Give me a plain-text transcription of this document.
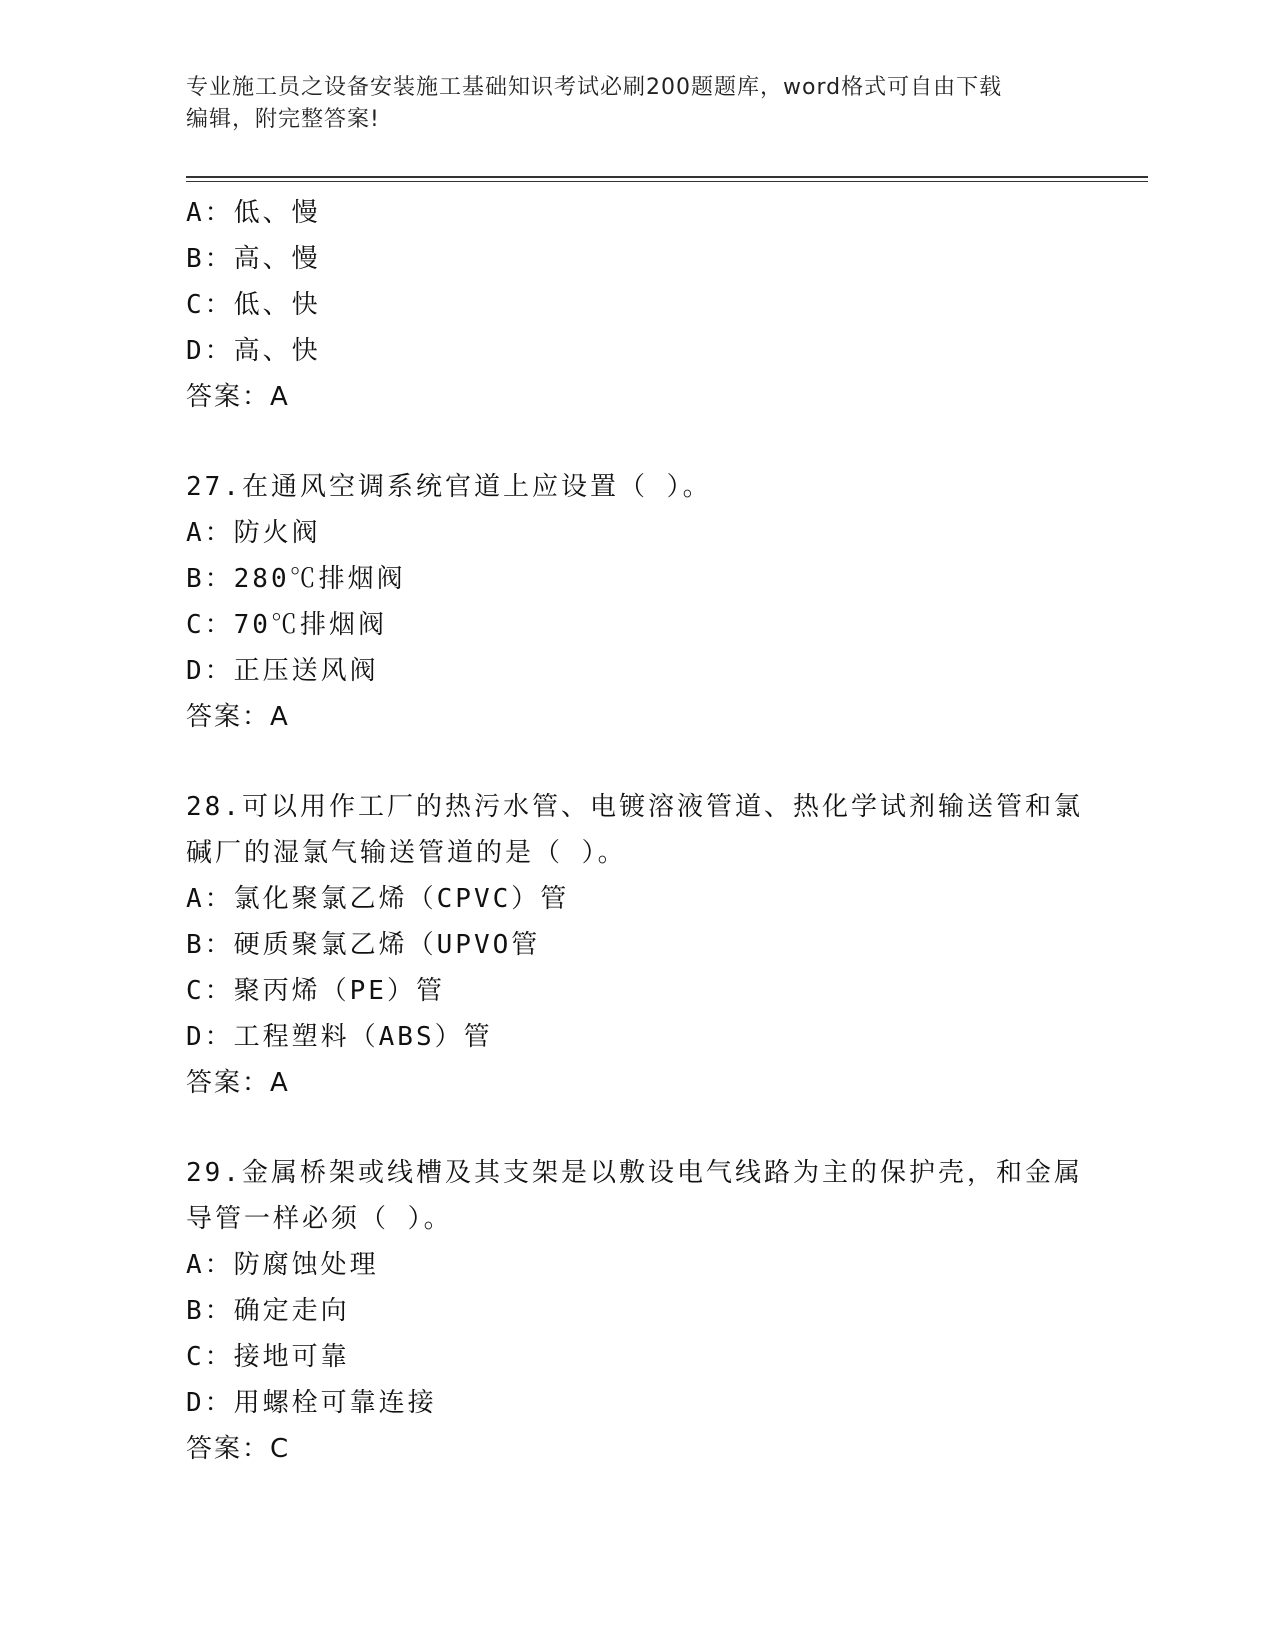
专业施工员之设备安装施工基础知识考试必刷200题题库，word格式可自由下载
编辑，附完整答案!
A：低、慢
B：高、慢
C：低、快
D：高、快
答案：A
27.在通风空调系统官道上应设置（ ）。
A：防火阀
B：280℃排烟阀
C：70℃排烟阀
D：正压送风阀
答案：A
28.可以用作工厂的热污水管、电镀溶液管道、热化学试剂输送管和氯
碱厂的湿氯气输送管道的是（ ）。
A：氯化聚氯乙烯（CPVC）管
B：硬质聚氯乙烯（UPVO管
C：聚丙烯（PE）管
D：工程塑料（ABS）管
答案：A
29.金属桥架或线槽及其支架是以敷设电气线路为主的保护壳，和金属
导管一样必须（ ）。
A：防腐蚀处理
B：确定走向
C：接地可靠
D：用螺栓可靠连接
答案：C
